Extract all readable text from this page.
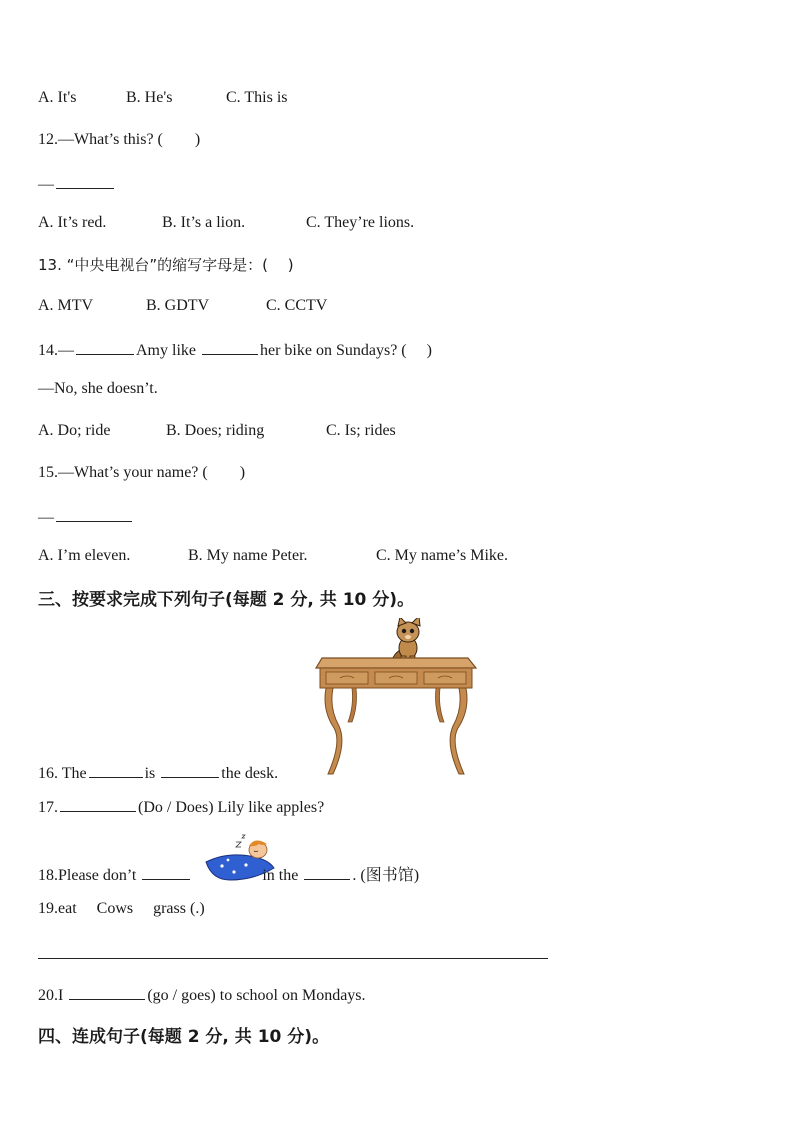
A. It's	B. He's	C. This is
12.—What’s this? (　　)
—
A. It’s red.	B. It’s a lion.	C. They’re lions.
13. “中央电视台”的缩写字母是：(　 )
A. MTV	B. GDTV	C. CCTV
14.—	Amy like	her bike on Sundays? (　 )
—No, she doesn’t.
A. Do; ride	B. Does; riding	C. Is; rides
15.—What’s your name? (　　)
—
A. I’m eleven.	B. My name Peter.	C. My name’s Mike.
三、按要求完成下列句子(每题 2 分, 共 10 分)。
16. The	is	the desk.
17.	(Do / Does) Lily like apples?
18.Please don’t	in the	. (图书馆)
19.eat　 Cows　 grass (.)
20.I	(go / goes) to school on Mondays.
四、连成句子(每题 2 分, 共 10 分)。
